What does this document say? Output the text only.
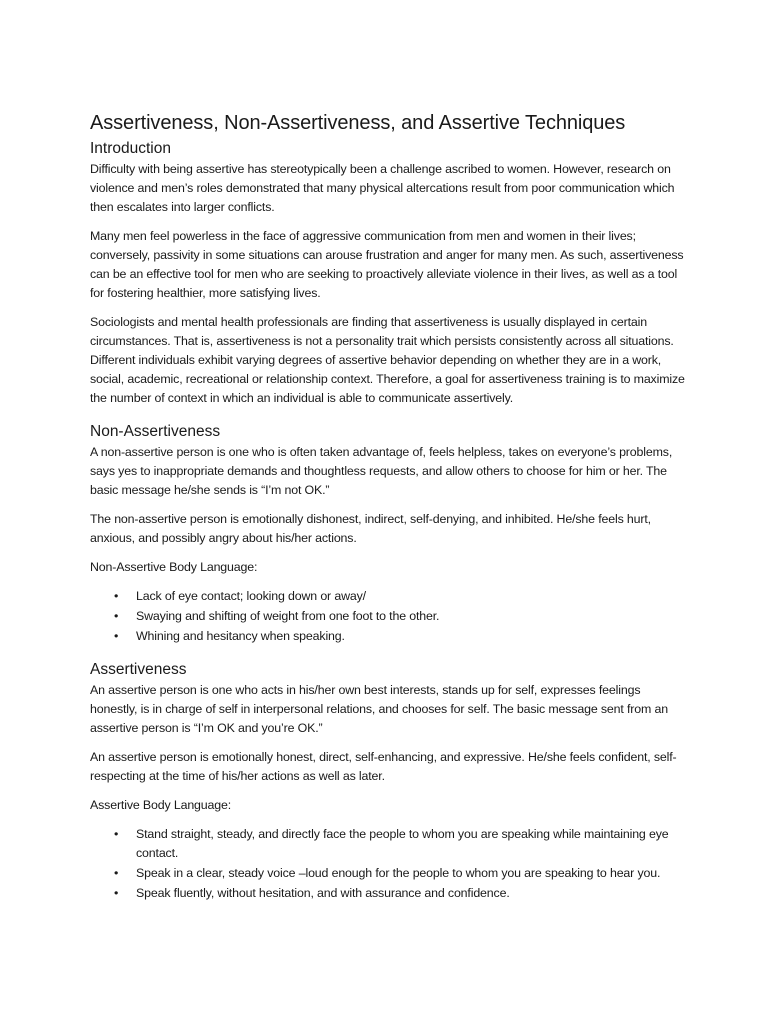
Assertiveness, Non-Assertiveness, and Assertive Techniques
Introduction

Difficulty with being assertive has stereotypically been a challenge ascribed to women. However, research on violence and men’s roles demonstrated that many physical altercations result from poor communication which then escalates into larger conflicts.

Many men feel powerless in the face of aggressive communication from men and women in their lives; conversely, passivity in some situations can arouse frustration and anger for many men. As such, assertiveness can be an effective tool for men who are seeking to proactively alleviate violence in their lives, as well as a tool for fostering healthier, more satisfying lives.

Sociologists and mental health professionals are finding that assertiveness is usually displayed in certain circumstances. That is, assertiveness is not a personality trait which persists consistently across all situations. Different individuals exhibit varying degrees of assertive behavior depending on whether they are in a work, social, academic, recreational or relationship context. Therefore, a goal for assertiveness training is to maximize the number of context in which an individual is able to communicate assertively.

Non-Assertiveness

A non-assertive person is one who is often taken advantage of, feels helpless, takes on everyone’s problems, says yes to inappropriate demands and thoughtless requests, and allow others to choose for him or her. The basic message he/she sends is “I’m not OK.”

The non-assertive person is emotionally dishonest, indirect, self-denying, and inhibited. He/she feels hurt, anxious, and possibly angry about his/her actions.

Non-Assertive Body Language:

• Lack of eye contact; looking down or away/
• Swaying and shifting of weight from one foot to the other.
• Whining and hesitancy when speaking.
Assertiveness

An assertive person is one who acts in his/her own best interests, stands up for self, expresses feelings honestly, is in charge of self in interpersonal relations, and chooses for self. The basic message sent from an assertive person is “I’m OK and you’re OK.”

An assertive person is emotionally honest, direct, self-enhancing, and expressive. He/she feels confident, self-respecting at the time of his/her actions as well as later.

Assertive Body Language:

• Stand straight, steady, and directly face the people to whom you are speaking while maintaining eye contact.
• Speak in a clear, steady voice –loud enough for the people to whom you are speaking to hear you.
• Speak fluently, without hesitation, and with assurance and confidence.
